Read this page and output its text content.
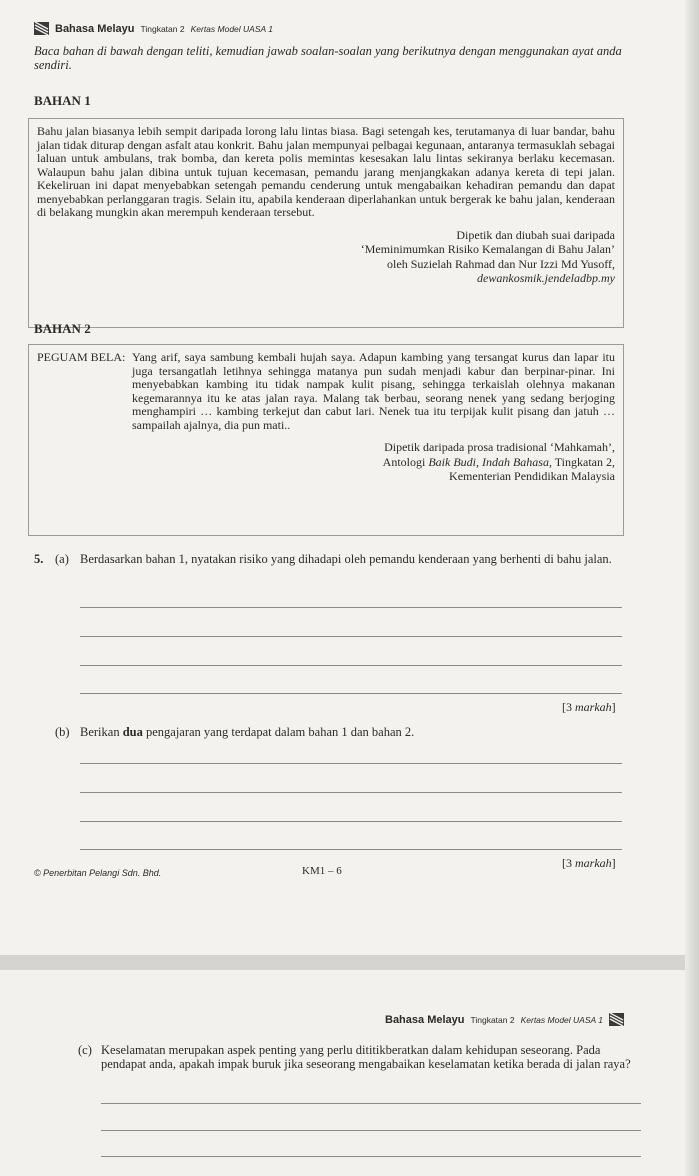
Bahasa Melayu Tingkatan 2 Kertas Model UASA 1
Baca bahan di bawah dengan teliti, kemudian jawab soalan-soalan yang berikutnya dengan menggunakan ayat anda sendiri.
BAHAN 1
Bahu jalan biasanya lebih sempit daripada lorong lalu lintas biasa. Bagi setengah kes, terutamanya di luar bandar, bahu jalan tidak diturap dengan asfalt atau konkrit. Bahu jalan mempunyai pelbagai kegunaan, antaranya termasuklah sebagai laluan untuk ambulans, trak bomba, dan kereta polis memintas kesesakan lalu lintas sekiranya berlaku kecemasan. Walaupun bahu jalan dibina untuk tujuan kecemasan, pemandu jarang menjangkakan adanya kereta di tepi jalan. Kekeliruan ini dapat menyebabkan setengah pemandu cenderung untuk mengabaikan kehadiran pemandu dan dapat menyebabkan perlanggaran tragis. Selain itu, apabila kenderaan diperlahankan untuk bergerak ke bahu jalan, kenderaan di belakang mungkin akan merempuh kenderaan tersebut.
Dipetik dan diubah suai daripada
‘Meminimumkan Risiko Kemalangan di Bahu Jalan’
oleh Suzielah Rahmad dan Nur Izzi Md Yusoff,
dewankosmik.jendeladbp.my
BAHAN 2
PEGUAM BELA: Yang arif, saya sambung kembali hujah saya. Adapun kambing yang tersangat kurus dan lapar itu juga tersangatlah letihnya sehingga matanya pun sudah menjadi kabur dan berpinar-pinar. Ini menyebabkan kambing itu tidak nampak kulit pisang, sehingga terkaislah olehnya makanan kegemarannya itu ke atas jalan raya. Malang tak berbau, seorang nenek yang sedang berjoging menghampiri … kambing terkejut dan cabut lari. Nenek tua itu terpijak kulit pisang dan jatuh … sampailah ajalnya, dia pun mati..
Dipetik daripada prosa tradisional ‘Mahkamah’,
Antologi Baik Budi, Indah Bahasa, Tingkatan 2,
Kementerian Pendidikan Malaysia
5. (a) Berdasarkan bahan 1, nyatakan risiko yang dihadapi oleh pemandu kenderaan yang berhenti di bahu jalan.
[3 markah]
(b) Berikan dua pengajaran yang terdapat dalam bahan 1 dan bahan 2.
[3 markah]
© Penerbitan Pelangi Sdn. Bhd.	KM1 – 6
Bahasa Melayu Tingkatan 2 Kertas Model UASA 1
(c) Keselamatan merupakan aspek penting yang perlu dititikberatkan dalam kehidupan seseorang. Pada pendapat anda, apakah impak buruk jika seseorang mengabaikan keselamatan ketika berada di jalan raya?
